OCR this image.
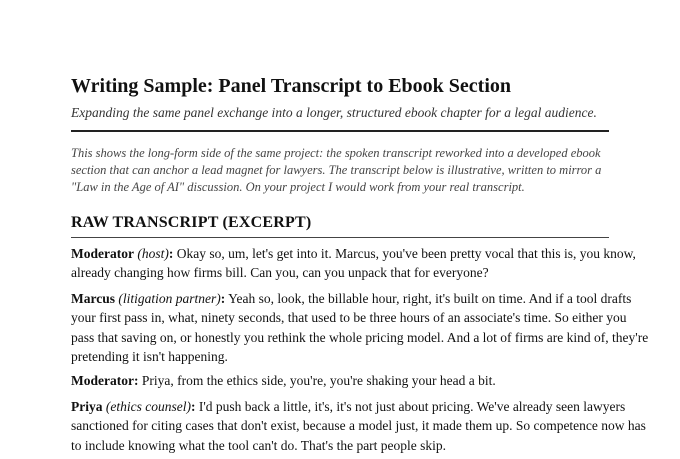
Writing Sample: Panel Transcript to Ebook Section

Expanding the same panel exchange into a longer, structured ebook chapter for a legal audience.

This shows the long-form side of the same project: the spoken transcript reworked into a developed ebook
section that can anchor a lead magnet for lawyers. The transcript below is illustrative, written to mirror a
"Law in the Age of AI" discussion. On your project I would work from your real transcript.

RAW TRANSCRIPT (EXCERPT)
Moderator (host): Okay so, um, let's get into it. Marcus, you've been pretty vocal that this is, you know,
already changing how firms bill. Can you, can you unpack that for everyone?
Marcus (litigation partner): Yeah so, look, the billable hour, right, it's built on time. And if a tool drafts
your first pass in, what, ninety seconds, that used to be three hours of an associate's time. So either you
pass that saving on, or honestly you rethink the whole pricing model. And a lot of firms are kind of, they're
pretending it isn't happening.
Moderator: Priya, from the ethics side, you're, you're shaking your head a bit.
Priya (ethics counsel): I'd push back a little, it's, it's not just about pricing. We've already seen lawyers
sanctioned for citing cases that don't exist, because a model just, it made them up. So competence now has
to include knowing what the tool can't do. That's the part people skip.
